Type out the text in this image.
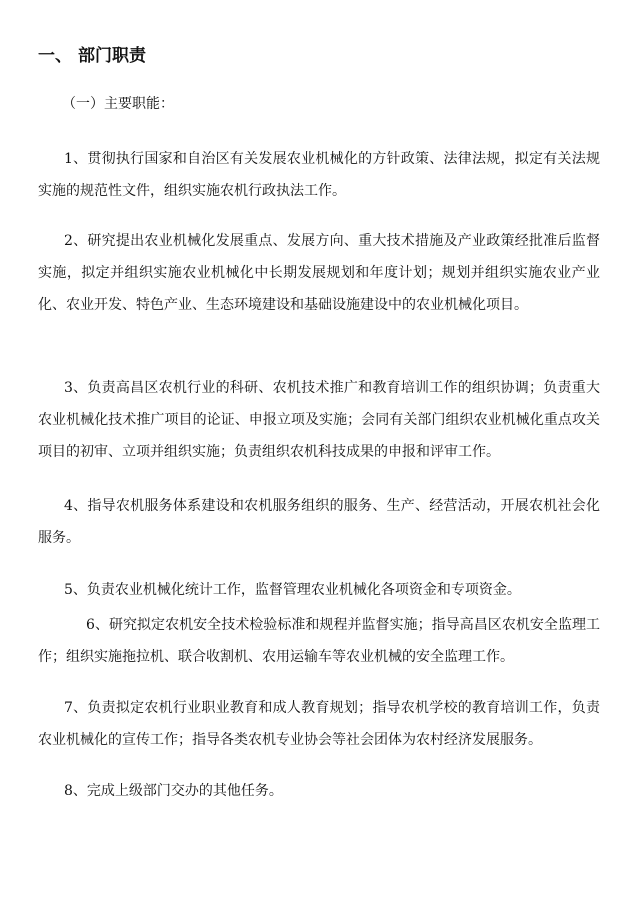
一、 部门职责
（一）主要职能：

1、贯彻执行国家和自治区有关发展农业机械化的方针政策、法律法规，拟定有关法规实施的规范性文件，组织实施农机行政执法工作。

2、研究提出农业机械化发展重点、发展方向、重大技术措施及产业政策经批准后监督实施，拟定并组织实施农业机械化中长期发展规划和年度计划；规划并组织实施农业产业化、农业开发、特色产业、生态环境建设和基础设施建设中的农业机械化项目。

3、负责高昌区农机行业的科研、农机技术推广和教育培训工作的组织协调；负责重大农业机械化技术推广项目的论证、申报立项及实施；会同有关部门组织农业机械化重点攻关项目的初审、立项并组织实施；负责组织农机科技成果的申报和评审工作。

4、指导农机服务体系建设和农机服务组织的服务、生产、经营活动，开展农机社会化服务。

5、负责农业机械化统计工作，监督管理农业机械化各项资金和专项资金。

6、研究拟定农机安全技术检验标准和规程并监督实施；指导高昌区农机安全监理工作；组织实施拖拉机、联合收割机、农用运输车等农业机械的安全监理工作。

7、负责拟定农机行业职业教育和成人教育规划；指导农机学校的教育培训工作，负责农业机械化的宣传工作；指导各类农机专业协会等社会团体为农村经济发展服务。

8、完成上级部门交办的其他任务。
